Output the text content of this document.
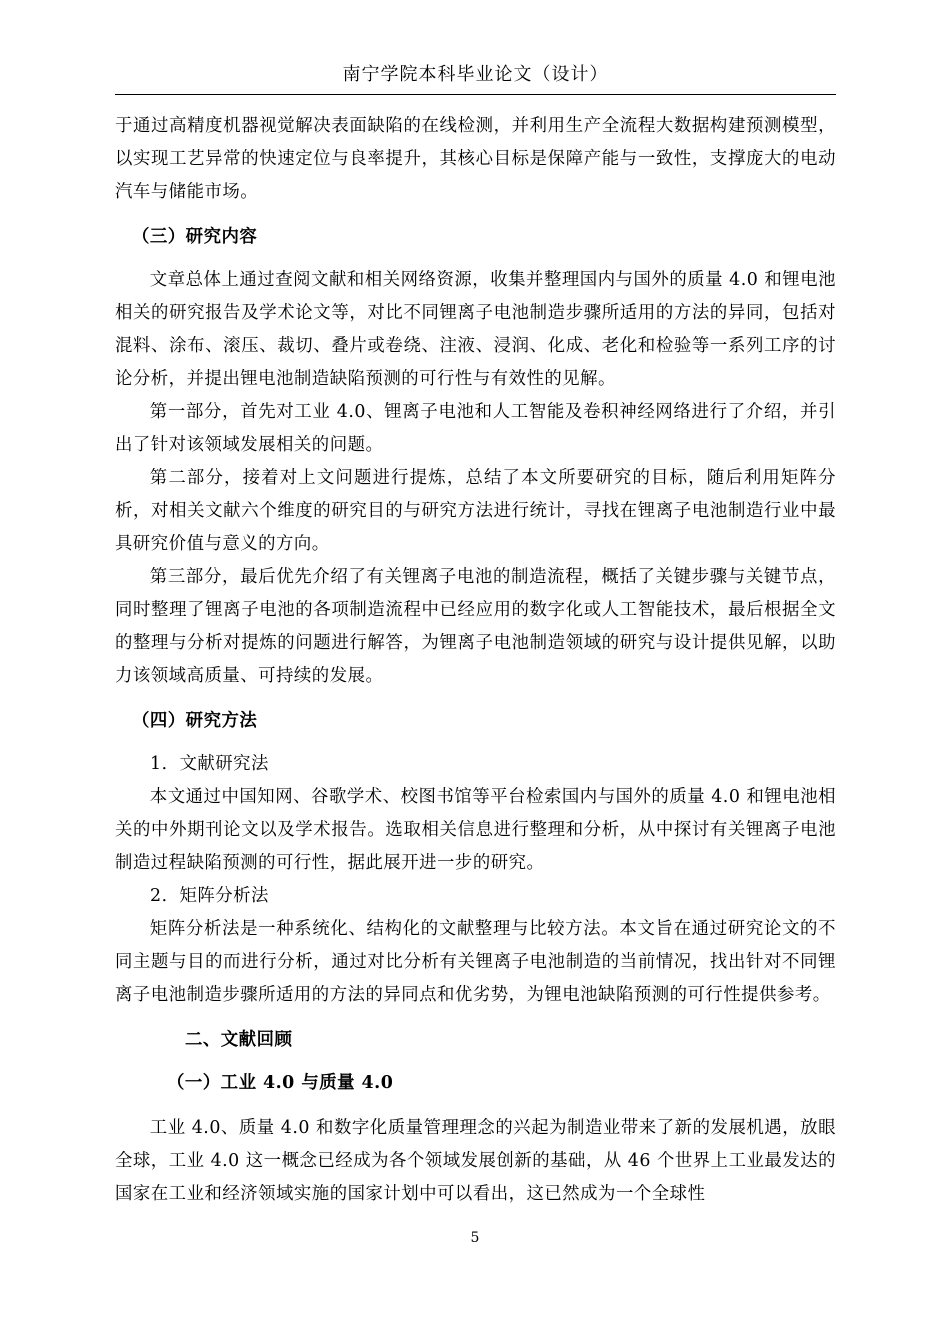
南宁学院本科毕业论文（设计）

于通过高精度机器视觉解决表面缺陷的在线检测，并利用生产全流程大数据构建预测模型，以实现工艺异常的快速定位与良率提升，其核心目标是保障产能与一致性，支撑庞大的电动汽车与储能市场。

（三）研究内容

文章总体上通过查阅文献和相关网络资源，收集并整理国内与国外的质量 4.0 和锂电池相关的研究报告及学术论文等，对比不同锂离子电池制造步骤所适用的方法的异同，包括对混料、涂布、滚压、裁切、叠片或卷绕、注液、浸润、化成、老化和检验等一系列工序的讨论分析，并提出锂电池制造缺陷预测的可行性与有效性的见解。

第一部分，首先对工业 4.0、锂离子电池和人工智能及卷积神经网络进行了介绍，并引出了针对该领域发展相关的问题。

第二部分，接着对上文问题进行提炼，总结了本文所要研究的目标，随后利用矩阵分析，对相关文献六个维度的研究目的与研究方法进行统计，寻找在锂离子电池制造行业中最具研究价值与意义的方向。

第三部分，最后优先介绍了有关锂离子电池的制造流程，概括了关键步骤与关键节点，同时整理了锂离子电池的各项制造流程中已经应用的数字化或人工智能技术，最后根据全文的整理与分析对提炼的问题进行解答，为锂离子电池制造领域的研究与设计提供见解，以助力该领域高质量、可持续的发展。

（四）研究方法

1．文献研究法

本文通过中国知网、谷歌学术、校图书馆等平台检索国内与国外的质量 4.0 和锂电池相关的中外期刊论文以及学术报告。选取相关信息进行整理和分析，从中探讨有关锂离子电池制造过程缺陷预测的可行性，据此展开进一步的研究。

2．矩阵分析法

矩阵分析法是一种系统化、结构化的文献整理与比较方法。本文旨在通过研究论文的不同主题与目的而进行分析，通过对比分析有关锂离子电池制造的当前情况，找出针对不同锂离子电池制造步骤所适用的方法的异同点和优劣势，为锂电池缺陷预测的可行性提供参考。

二、文献回顾
（一）工业 4.0 与质量 4.0

工业 4.0、质量 4.0 和数字化质量管理理念的兴起为制造业带来了新的发展机遇，放眼全球，工业 4.0 这一概念已经成为各个领域发展创新的基础，从 46 个世界上工业最发达的国家在工业和经济领域实施的国家计划中可以看出，这已然成为一个全球性

5
